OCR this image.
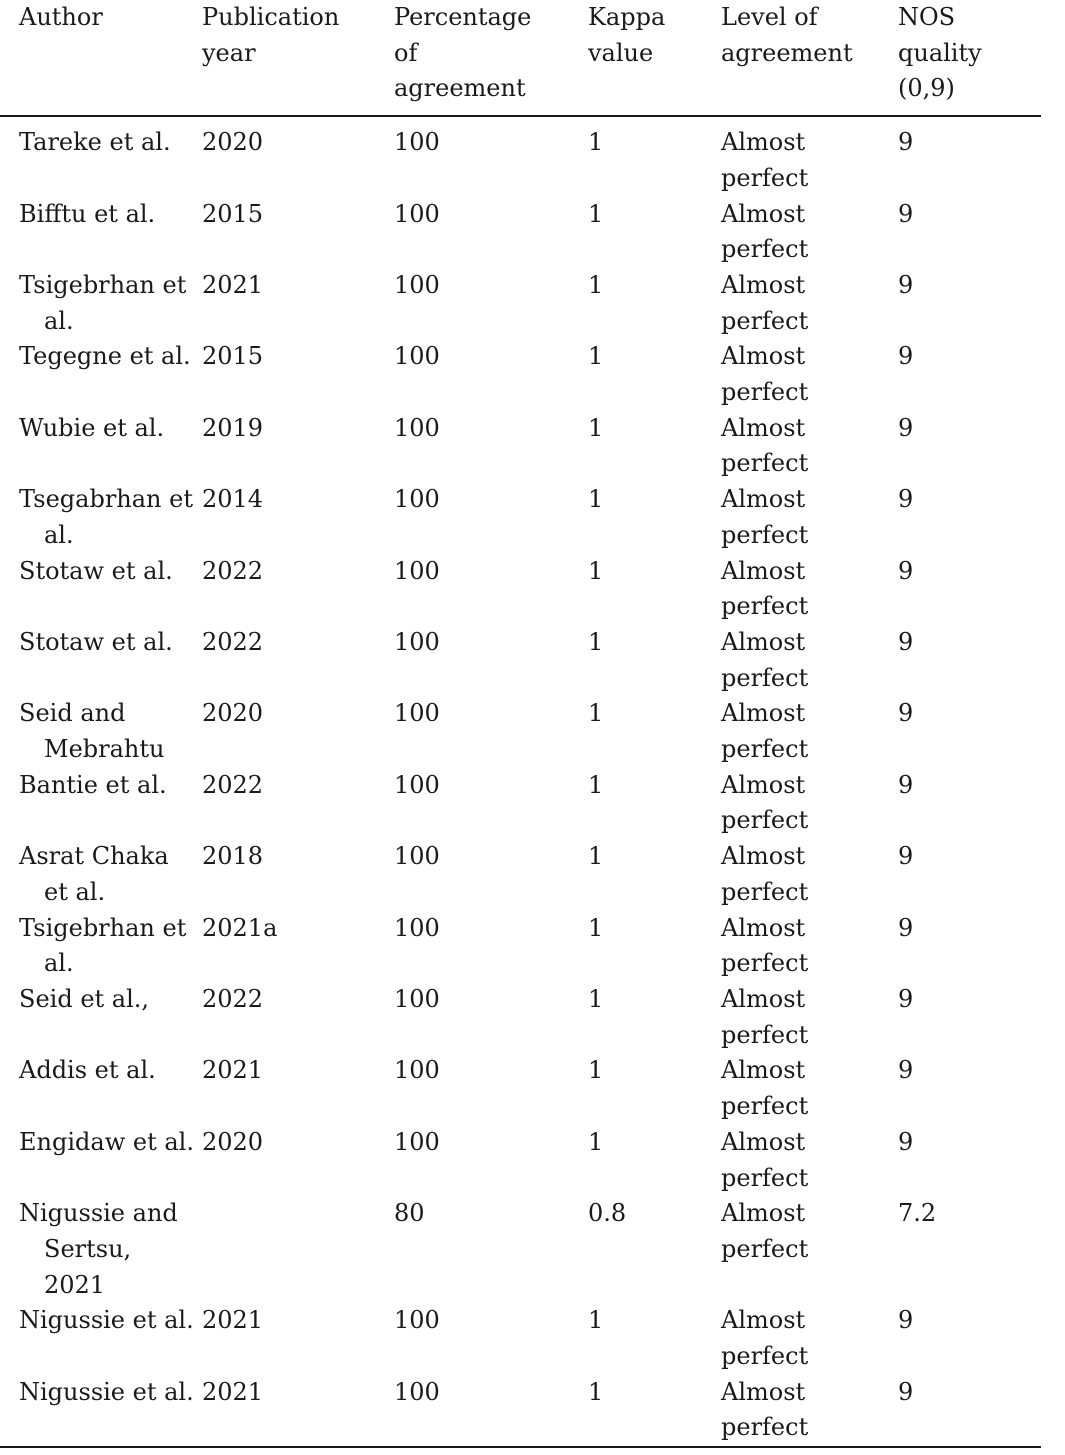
Author	Publication year	Percentage of agreement	Kappa value	Level of agreement	NOS quality (0,9)

Tareke et al.	2020	100	1	Almost perfect	9

Bifftu et al.	2015	100	1	Almost perfect	9

Tsigebrhan et al.	2021	100	1	Almost perfect	9

Tegegne et al.	2015	100	1	Almost perfect	9

Wubie et al.	2019	100	1	Almost perfect	9

Tsegabrhan et al.	2014	100	1	Almost perfect	9

Stotaw et al.	2022	100	1	Almost perfect	9

Stotaw et al.	2022	100	1	Almost perfect	9

Seid and Mebrahtu	2020	100	1	Almost perfect	9

Bantie et al.	2022	100	1	Almost perfect	9

Asrat Chaka et al.	2018	100	1	Almost perfect	9

Tsigebrhan et al.	2021a	100	1	Almost perfect	9

Seid et al.,	2022	100	1	Almost perfect	9

Addis et al.	2021	100	1	Almost perfect	9

Engidaw et al.	2020	100	1	Almost perfect	9

Nigussie and Sertsu, 2021		80	0.8	Almost perfect	7.2

Nigussie et al.	2021	100	1	Almost perfect	9

Nigussie et al.	2021	100	1	Almost perfect	9
